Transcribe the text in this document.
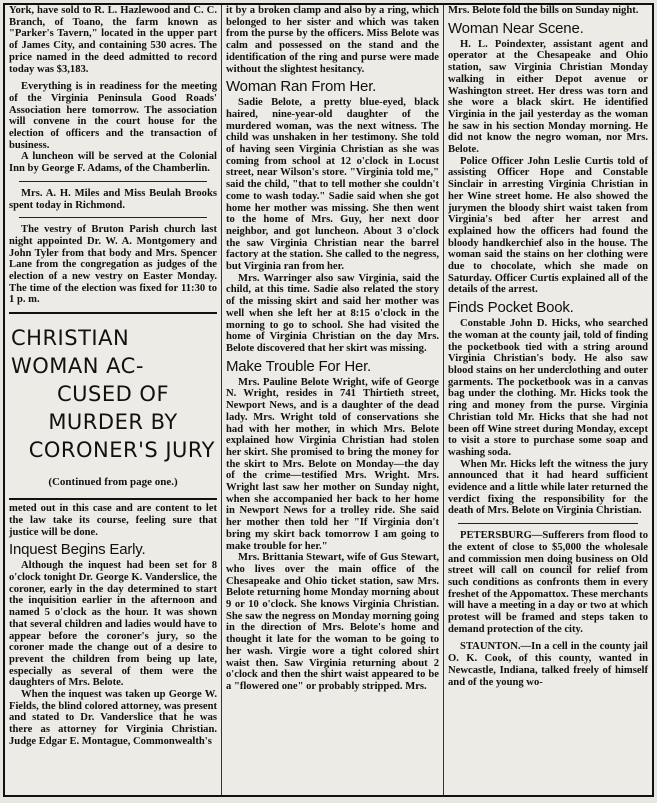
York, have sold to R. L. Hazlewood and C. C. Branch, of Toano, the farm known as "Parker's Tavern," located in the upper part of James City, and containing 530 acres. The price named in the deed admitted to record today was $3,183.

Everything is in readiness for the meeting of the Virginia Peninsula Good Roads' Association here tomorrow. The association will convene in the court house for the election of officers and the transaction of business.

A luncheon will be served at the Colonial Inn by George F. Adams, of the Chamberlin.

Mrs. A. H. Miles and Miss Beulah Brooks spent today in Richmond.

The vestry of Bruton Parish church last night appointed Dr. W. A. Montgomery and John Tyler from that body and Mrs. Spencer Lane from the congregation as judges of the election of a new vestry on Easter Monday. The time of the election was fixed for 11:30 to 1 p. m.

CHRISTIAN WOMAN AC-
CUSED OF MURDER BY
CORONER'S JURY
(Continued from page one.)

meted out in this case and are content to let the law take its course, feeling sure that justice will be done.

Inquest Begins Early.

Although the inquest had been set for 8 o'clock tonight Dr. George K. Vanderslice, the coroner, early in the day determined to start the inquisition earlier in the afternoon and named 5 o'clock as the hour. It was shown that several children and ladies would have to appear before the coroner's jury, so the coroner made the change out of a desire to prevent the children from being up late, especially as several of them were the daughters of Mrs. Belote.

When the inquest was taken up George W. Fields, the blind colored attorney, was present and stated to Dr. Vanderslice that he was there as attorney for Virginia Christian. Judge Edgar E. Montague, Commonwealth's

it by a broken clamp and also by a ring, which belonged to her sister and which was taken from the purse by the officers. Miss Belote was calm and possessed on the stand and the identification of the ring and purse were made without the slightest hesitancy.

Woman Ran From Her.

Sadie Belote, a pretty blue-eyed, black haired, nine-year-old daughter of the murdered woman, was the next witness. The child was unshaken in her testimony. She told of having seen Virginia Christian as she was coming from school at 12 o'clock in Locust street, near Wilson's store. "Virginia told me," said the child, "that to tell mother she couldn't come to wash today." Sadie said when she got home her mother was missing. She then went to the home of Mrs. Guy, her next door neighbor, and got luncheon. About 3 o'clock the saw Virginia Christian near the barrel factory at the station. She called to the negress, but Virginia ran from her.

Mrs. Warringer also saw Virginia, said the child, at this time. Sadie also related the story of the missing skirt and said her mother was well when she left her at 8:15 o'clock in the morning to go to school. She had visited the home of Virginia Christian on the day Mrs. Belote discovered that her skirt was missing.

Make Trouble For Her.

Mrs. Pauline Belote Wright, wife of George N. Wright, resides in 741 Thirtieth street, Newport News, and is a daughter of the dead lady. Mrs. Wright told of conservations she had with her mother, in which Mrs. Belote explained how Virginia Christian had stolen her skirt. She promised to bring the money for the skirt to Mrs. Belote on Monday—the day of the crime—testified Mrs. Wright. Mrs. Wright last saw her mother on Sunday night, when she accompanied her back to her home in Newport News for a trolley ride. She said her mother then told her "If Virginia don't bring my skirt back tomorrow I am going to make trouble for her."

Mrs. Brittania Stewart, wife of Gus Stewart, who lives over the main office of the Chesapeake and Ohio ticket station, saw Mrs. Belote returning home Monday morning about 9 or 10 o'clock. She knows Virginia Christian. She saw the negress on Monday morning going in the direction of Mrs. Belote's home and thought it late for the woman to be going to her wash. Virgie wore a tight colored shirt waist then. Saw Virginia returning about 2 o'clock and then the shirt waist appeared to be a "flowered one" or probably stripped. Mrs.

Mrs. Belote fold the bills on Sunday night.

Woman Near Scene.

H. L. Poindexter, assistant agent and operator at the Chesapeake and Ohio station, saw Virginia Christian Monday walking in either Depot avenue or Washington street. Her dress was torn and she wore a black skirt. He identified Virginia in the jail yesterday as the woman he saw in his section Monday morning. He did not know the negro woman, nor Mrs. Belote.

Police Officer John Leslie Curtis told of assisting Officer Hope and Constable Sinclair in arresting Virginia Christian in her Wine street home. He also showed the jurymen the bloody shirt waist taken from Virginia's bed after her arrest and explained how the officers had found the bloody handkerchief also in the house. The woman said the stains on her clothing were due to chocolate, which she made on Saturday. Officer Curtis explained all of the details of the arrest.

Finds Pocket Book.

Constable John D. Hicks, who searched the woman at the county jail, told of finding the pocketbook tied with a string around Virginia Christian's body. He also saw blood stains on her underclothing and outer garments. The pocketbook was in a canvas bag under the clothing. Mr. Hicks took the ring and money from the purse. Virginia Christian told Mr. Hicks that she had not been off Wine street during Monday, except to visit a store to purchase some soap and washing soda.

When Mr. Hicks left the witness the jury announced that it had heard sufficient evidence and a little while later returned the verdict fixing the responsibility for the death of Mrs. Belote on Virginia Christian.

PETERSBURG—Sufferers from flood to the extent of close to $5,000 the wholesale and commission men doing business on Old street will call on council for relief from such conditions as confronts them in every freshet of the Appomattox. These merchants will have a meeting in a day or two at which protest will be framed and steps taken to demand protection of the city.

STAUNTON.—In a cell in the county jail O. K. Cook, of this county, wanted in Newcastle, Indiana, talked freely of himself and of the young wo-
